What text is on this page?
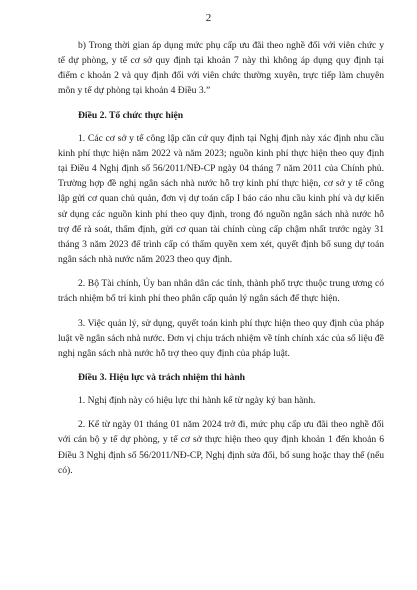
2

b) Trong thời gian áp dụng mức phụ cấp ưu đãi theo nghề đối với viên chức y tế dự phòng, y tế cơ sở quy định tại khoản 7 này thì không áp dụng quy định tại điểm c khoản 2 và quy định đối với viên chức thường xuyên, trực tiếp làm chuyên môn y tế dự phòng tại khoản 4 Điều 3.”

Điều 2. Tổ chức thực hiện

1. Các cơ sở y tế công lập căn cứ quy định tại Nghị định này xác định nhu cầu kinh phí thực hiện năm 2022 và năm 2023; nguồn kinh phí thực hiện theo quy định tại Điều 4 Nghị định số 56/2011/NĐ-CP ngày 04 tháng 7 năm 2011 của Chính phủ. Trường hợp đề nghị ngân sách nhà nước hỗ trợ kinh phí thực hiện, cơ sở y tế công lập gửi cơ quan chủ quản, đơn vị dự toán cấp I báo cáo nhu cầu kinh phí và dự kiến sử dụng các nguồn kinh phí theo quy định, trong đó nguồn ngân sách nhà nước hỗ trợ để rà soát, thẩm định, gửi cơ quan tài chính cùng cấp chậm nhất trước ngày 31 tháng 3 năm 2023 để trình cấp có thẩm quyền xem xét, quyết định bổ sung dự toán ngân sách nhà nước năm 2023 theo quy định.

2. Bộ Tài chính, Ủy ban nhân dân các tỉnh, thành phố trực thuộc trung ương có trách nhiệm bố trí kinh phí theo phân cấp quản lý ngân sách để thực hiện.

3. Việc quản lý, sử dụng, quyết toán kinh phí thực hiện theo quy định của pháp luật về ngân sách nhà nước. Đơn vị chịu trách nhiệm về tính chính xác của số liệu đề nghị ngân sách nhà nước hỗ trợ theo quy định của pháp luật.

Điều 3. Hiệu lực và trách nhiệm thi hành

1. Nghị định này có hiệu lực thi hành kể từ ngày ký ban hành.

2. Kể từ ngày 01 tháng 01 năm 2024 trở đi, mức phụ cấp ưu đãi theo nghề đối với cán bộ y tế dự phòng, y tế cơ sở thực hiện theo quy định khoản 1 đến khoản 6 Điều 3 Nghị định số 56/2011/NĐ-CP, Nghị định sửa đổi, bổ sung hoặc thay thế (nếu có).
